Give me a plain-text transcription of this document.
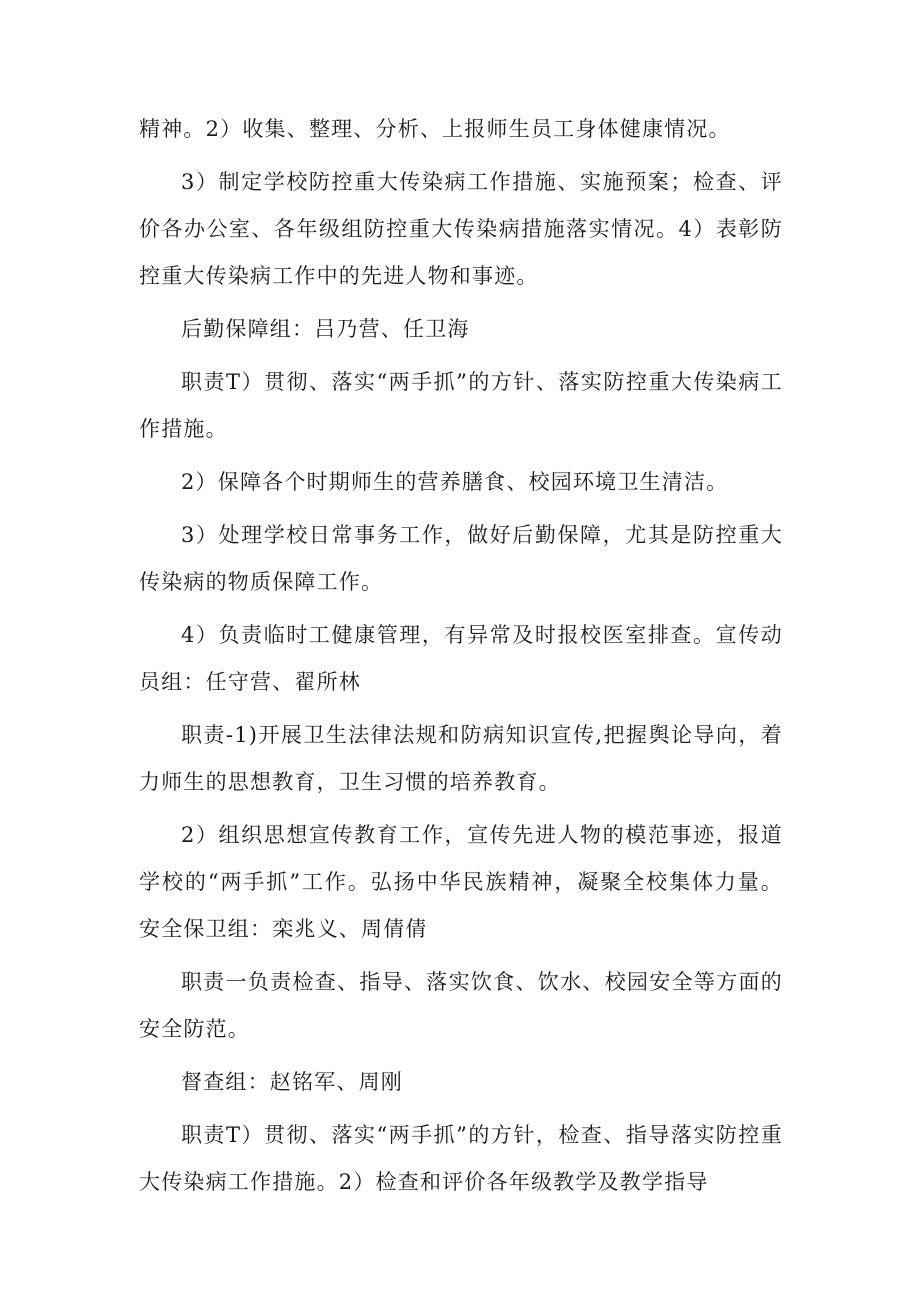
精神。2）收集、整理、分析、上报师生员工身体健康情况。

3）制定学校防控重大传染病工作措施、实施预案；检查、评价各办公室、各年级组防控重大传染病措施落实情况。4）表彰防控重大传染病工作中的先进人物和事迹。

后勤保障组：吕乃营、任卫海

职责T）贯彻、落实“两手抓”的方针、落实防控重大传染病工作措施。

2）保障各个时期师生的营养膳食、校园环境卫生清洁。

3）处理学校日常事务工作，做好后勤保障，尤其是防控重大传染病的物质保障工作。

4）负责临时工健康管理，有异常及时报校医室排查。宣传动员组：任守营、翟所林

职责-1)开展卫生法律法规和防病知识宣传,把握舆论导向，着力师生的思想教育，卫生习惯的培养教育。

2）组织思想宣传教育工作，宣传先进人物的模范事迹，报道学校的“两手抓”工作。弘扬中华民族精神，凝聚全校集体力量。安全保卫组：栾兆义、周倩倩

职责一负责检查、指导、落实饮食、饮水、校园安全等方面的安全防范。

督查组：赵铭军、周刚

职责T）贯彻、落实“两手抓”的方针，检查、指导落实防控重大传染病工作措施。2）检查和评价各年级教学及教学指导
